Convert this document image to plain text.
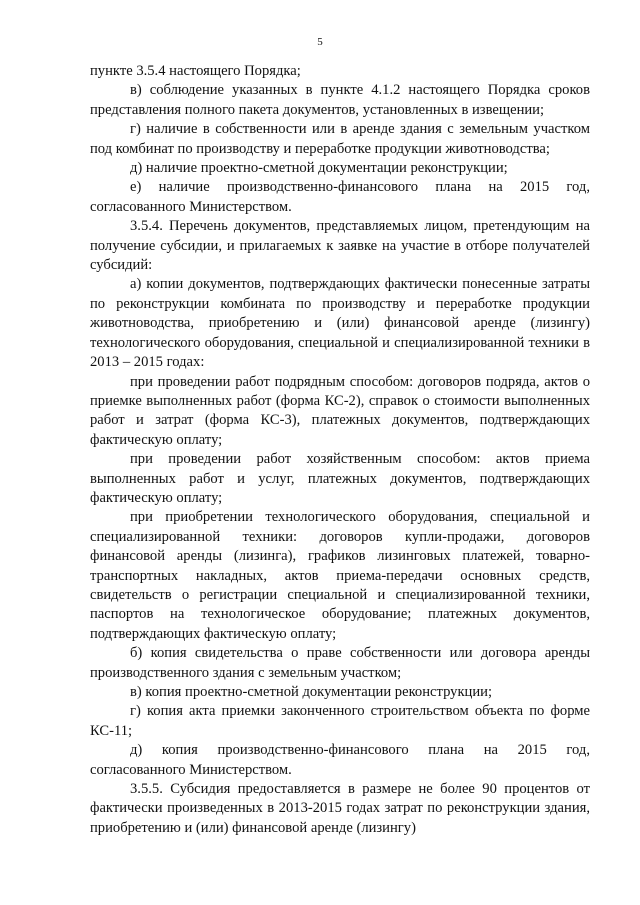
5

пункте 3.5.4 настоящего Порядка;

в) соблюдение указанных в пункте 4.1.2 настоящего Порядка сроков представления полного пакета документов, установленных в извещении;

г) наличие в собственности или в аренде здания с земельным участком под комбинат по производству и переработке продукции животноводства;

д) наличие проектно-сметной документации реконструкции;

е) наличие производственно-финансового плана на 2015 год, согласованного Министерством.

3.5.4. Перечень документов, представляемых лицом, претендующим на получение субсидии, и прилагаемых к заявке на участие в отборе получателей субсидий:

а) копии документов, подтверждающих фактически понесенные затраты по реконструкции комбината по производству и переработке продукции животноводства, приобретению и (или) финансовой аренде (лизингу) технологического оборудования, специальной и специализированной техники в 2013 – 2015 годах:

при проведении работ подрядным способом: договоров подряда, актов о приемке выполненных работ (форма КС-2), справок о стоимости выполненных работ и затрат (форма КС-3), платежных документов, подтверждающих фактическую оплату;

при проведении работ хозяйственным способом: актов приема выполненных работ и услуг, платежных документов, подтверждающих фактическую оплату;

при приобретении технологического оборудования, специальной и специализированной техники: договоров купли-продажи, договоров финансовой аренды (лизинга), графиков лизинговых платежей, товарно-транспортных накладных, актов приема-передачи основных средств, свидетельств о регистрации специальной и специализированной техники, паспортов на технологическое оборудование; платежных документов, подтверждающих фактическую оплату;

б) копия свидетельства о праве собственности или договора аренды производственного здания с земельным участком;

в) копия проектно-сметной документации реконструкции;

г) копия акта приемки законченного строительством объекта по форме КС-11;

д) копия производственно-финансового плана на 2015 год, согласованного Министерством.

3.5.5. Субсидия предоставляется в размере не более 90 процентов от фактически произведенных в 2013-2015 годах затрат по реконструкции здания, приобретению и (или) финансовой аренде (лизингу)
